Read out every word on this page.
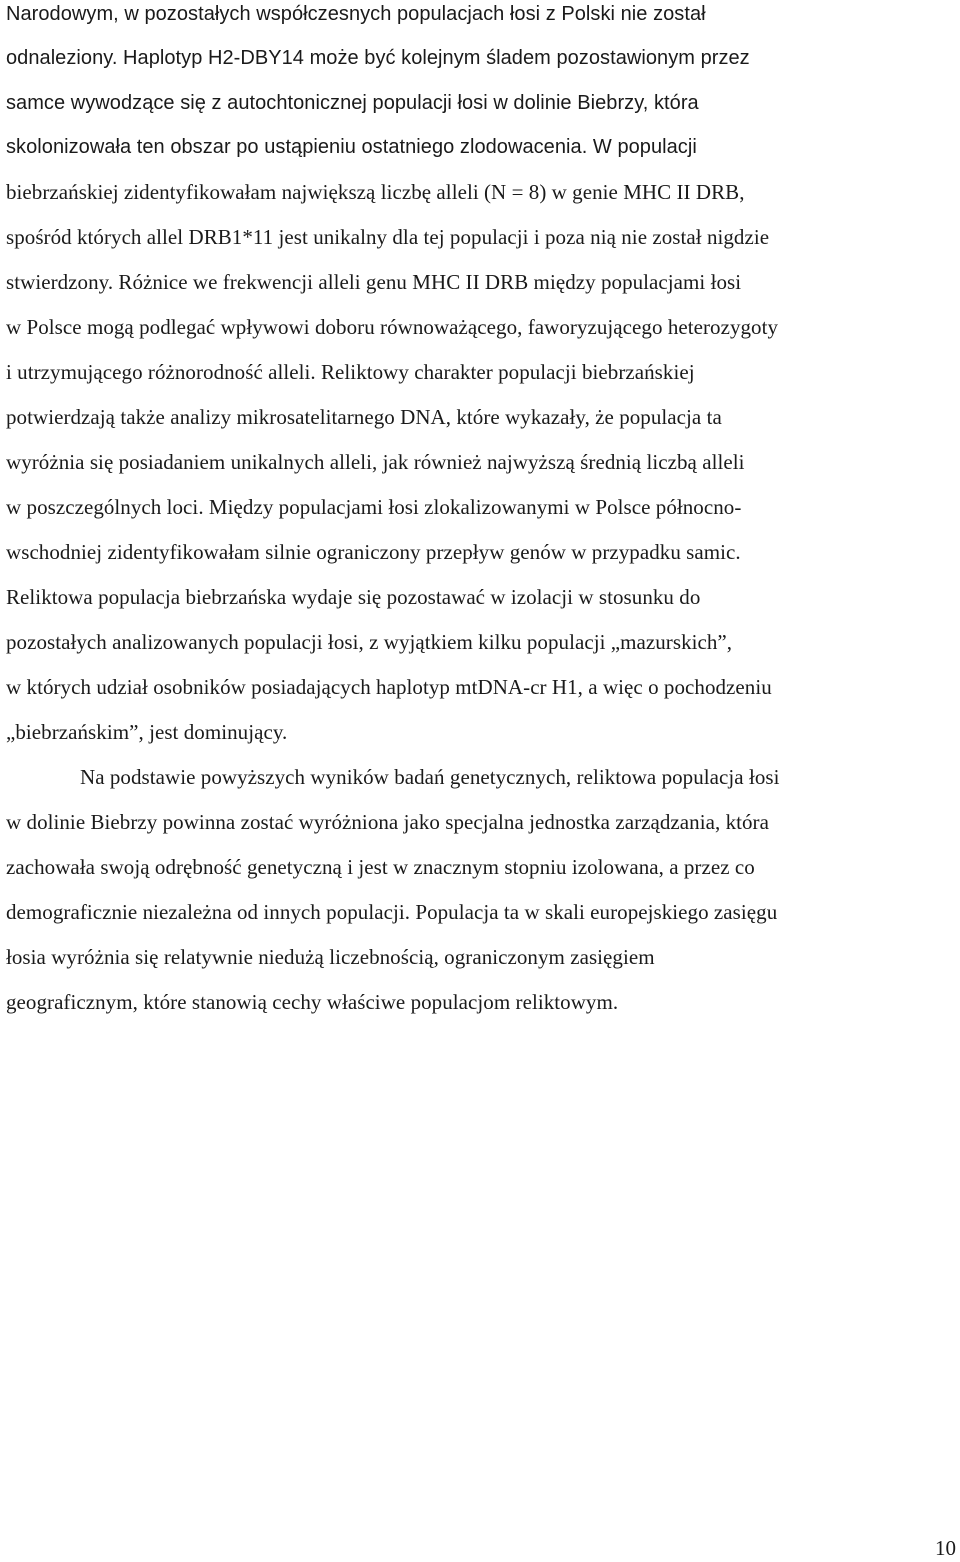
Narodowym, w pozostałych współczesnych populacjach łosi z Polski nie został
odnaleziony. Haplotyp H2-DBY14 może być kolejnym śladem pozostawionym przez
samce wywodzące się z autochtonicznej populacji łosi w dolinie Biebrzy, która
skolonizowała ten obszar po ustąpieniu ostatniego zlodowacenia. W populacji
biebrzańskiej zidentyfikowałam największą liczbę alleli (N = 8) w genie MHC II DRB,
spośród których allel DRB1*11 jest unikalny dla tej populacji i poza nią nie został nigdzie
stwierdzony. Różnice we frekwencji alleli genu MHC II DRB między populacjami łosi
w Polsce mogą podlegać wpływowi doboru równoważącego, faworyzującego heterozygoty
i utrzymującego różnorodność alleli. Reliktowy charakter populacji biebrzańskiej
potwierdzają także analizy mikrosatelitarnego DNA, które wykazały, że populacja ta
wyróżnia się posiadaniem unikalnych alleli, jak również najwyższą średnią liczbą alleli
w poszczególnych loci. Między populacjami łosi zlokalizowanymi w Polsce północno-
wschodniej zidentyfikowałam silnie ograniczony przepływ genów w przypadku samic.
Reliktowa populacja biebrzańska wydaje się pozostawać w izolacji w stosunku do
pozostałych analizowanych populacji łosi, z wyjątkiem kilku populacji „mazurskich”,
w których udział osobników posiadających haplotyp mtDNA-cr H1, a więc o pochodzeniu
„biebrzańskim”, jest dominujący.
Na podstawie powyższych wyników badań genetycznych, reliktowa populacja łosi
w dolinie Biebrzy powinna zostać wyróżniona jako specjalna jednostka zarządzania, która
zachowała swoją odrębność genetyczną i jest w znacznym stopniu izolowana, a przez co
demograficznie niezależna od innych populacji. Populacja ta w skali europejskiego zasięgu
łosia wyróżnia się relatywnie niedużą liczebnością, ograniczonym zasięgiem
geograficznym, które stanowią cechy właściwe populacjom reliktowym.
10
